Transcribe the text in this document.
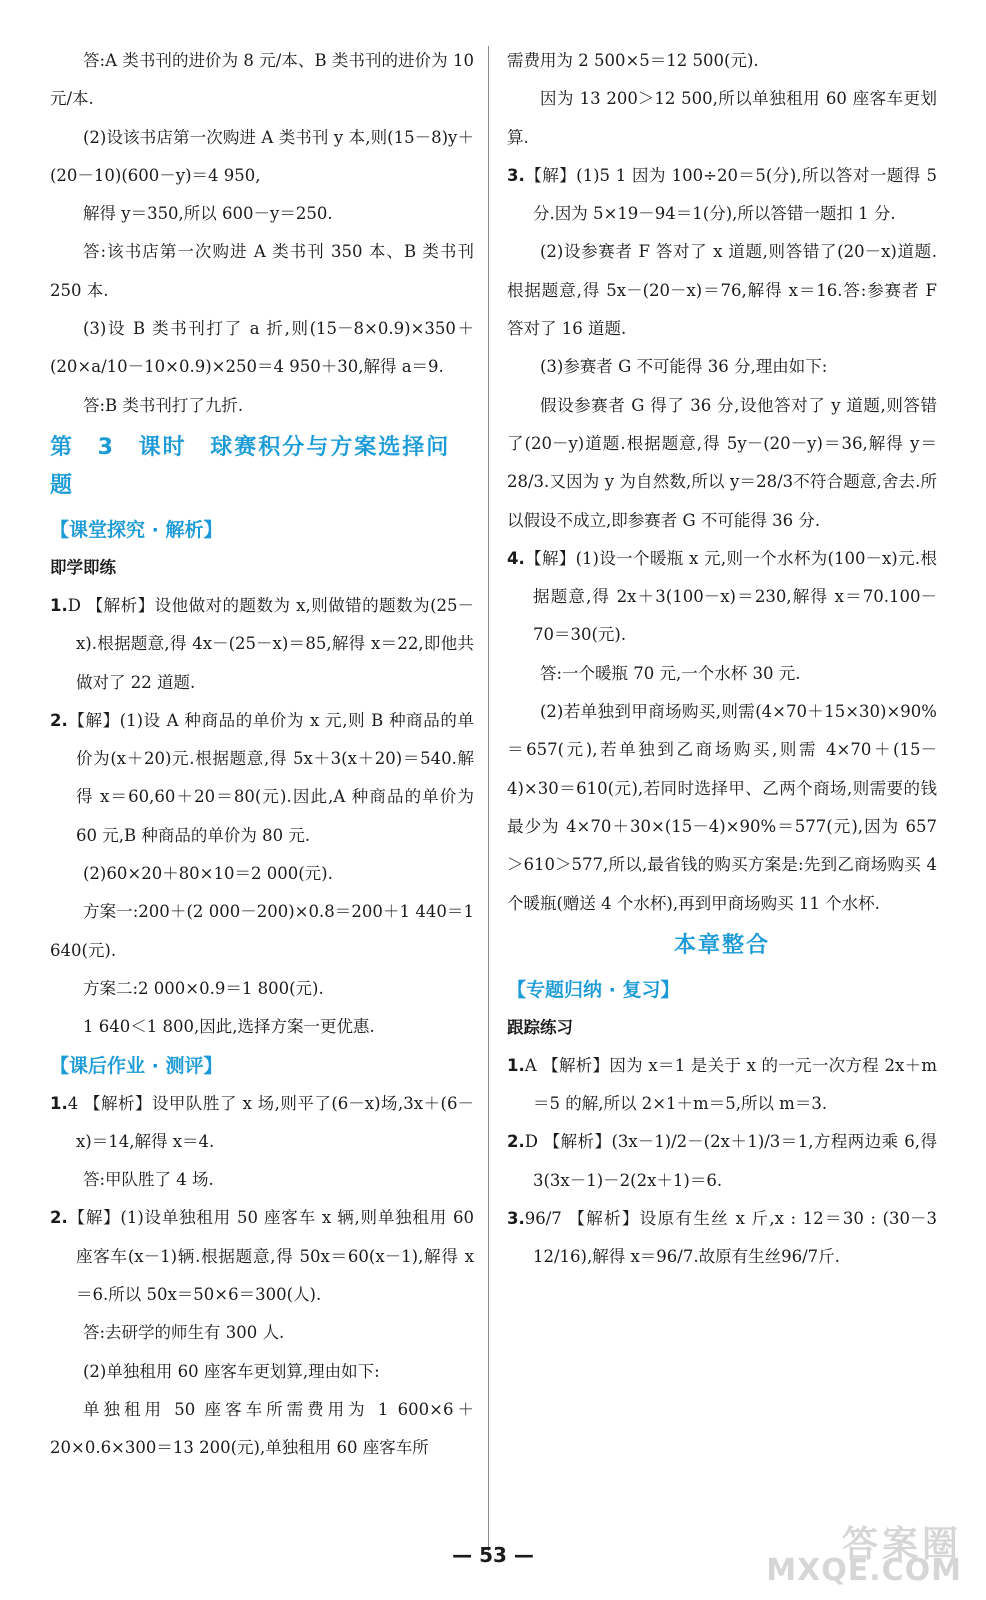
答:A 类书刊的进价为 8 元/本、B 类书刊的进价为 10 元/本.

(2)设该书店第一次购进 A 类书刊 y 本,则(15－8)y＋(20－10)(600－y)＝4 950,

解得 y＝350,所以 600－y＝250.

答:该书店第一次购进 A 类书刊 350 本、B 类书刊 250 本.

(3)设 B 类书刊打了 a 折,则(15－8×0.9)×350＋(20×a/10－10×0.9)×250＝4 950＋30,解得 a＝9.

答:B 类书刊打了九折.

第 3 课时 球赛积分与方案选择问题
【课堂探究 · 解析】
即学即练

1.D 【解析】设他做对的题数为 x,则做错的题数为(25－x).根据题意,得 4x－(25－x)＝85,解得 x＝22,即他共做对了 22 道题.

2.【解】(1)设 A 种商品的单价为 x 元,则 B 种商品的单价为(x＋20)元.根据题意,得 5x＋3(x＋20)＝540.解得 x＝60,60＋20＝80(元).因此,A 种商品的单价为 60 元,B 种商品的单价为 80 元.

(2)60×20＋80×10＝2 000(元).

方案一:200＋(2 000－200)×0.8＝200＋1 440＝1 640(元).

方案二:2 000×0.9＝1 800(元).

1 640＜1 800,因此,选择方案一更优惠.

【课后作业 · 测评】

1.4 【解析】设甲队胜了 x 场,则平了(6－x)场,3x＋(6－x)＝14,解得 x＝4.

答:甲队胜了 4 场.

2.【解】(1)设单独租用 50 座客车 x 辆,则单独租用 60 座客车(x－1)辆.根据题意,得 50x＝60(x－1),解得 x＝6.所以 50x＝50×6＝300(人).

答:去研学的师生有 300 人.

(2)单独租用 60 座客车更划算,理由如下:

单独租用 50 座客车所需费用为 1 600×6＋20×0.6×300＝13 200(元),单独租用 60 座客车所

需费用为 2 500×5＝12 500(元).

因为 13 200＞12 500,所以单独租用 60 座客车更划算.

3.【解】(1)5 1 因为 100÷20＝5(分),所以答对一题得 5 分.因为 5×19－94＝1(分),所以答错一题扣 1 分.

(2)设参赛者 F 答对了 x 道题,则答错了(20－x)道题.根据题意,得 5x－(20－x)＝76,解得 x＝16.答:参赛者 F 答对了 16 道题.

(3)参赛者 G 不可能得 36 分,理由如下:

假设参赛者 G 得了 36 分,设他答对了 y 道题,则答错了(20－y)道题.根据题意,得 5y－(20－y)＝36,解得 y＝28/3.又因为 y 为自然数,所以 y＝28/3不符合题意,舍去.所以假设不成立,即参赛者 G 不可能得 36 分.

4.【解】(1)设一个暖瓶 x 元,则一个水杯为(100－x)元.根据题意,得 2x＋3(100－x)＝230,解得 x＝70.100－70＝30(元).

答:一个暖瓶 70 元,一个水杯 30 元.

(2)若单独到甲商场购买,则需(4×70＋15×30)×90%＝657(元),若单独到乙商场购买,则需 4×70＋(15－4)×30＝610(元),若同时选择甲、乙两个商场,则需要的钱最少为 4×70＋30×(15－4)×90%＝577(元),因为 657＞610＞577,所以,最省钱的购买方案是:先到乙商场购买 4 个暖瓶(赠送 4 个水杯),再到甲商场购买 11 个水杯.

本章整合
【专题归纳 · 复习】
跟踪练习

1.A 【解析】因为 x＝1 是关于 x 的一元一次方程 2x＋m＝5 的解,所以 2×1＋m＝5,所以 m＝3.

2.D 【解析】(3x－1)/2－(2x＋1)/3＝1,方程两边乘 6,得 3(3x－1)－2(2x＋1)＝6.

3.96/7 【解析】设原有生丝 x 斤,x : 12＝30 : (30－3 12/16),解得 x＝96/7.故原有生丝96/7斤.

— 53 —	答案圈
MXQE.COM
